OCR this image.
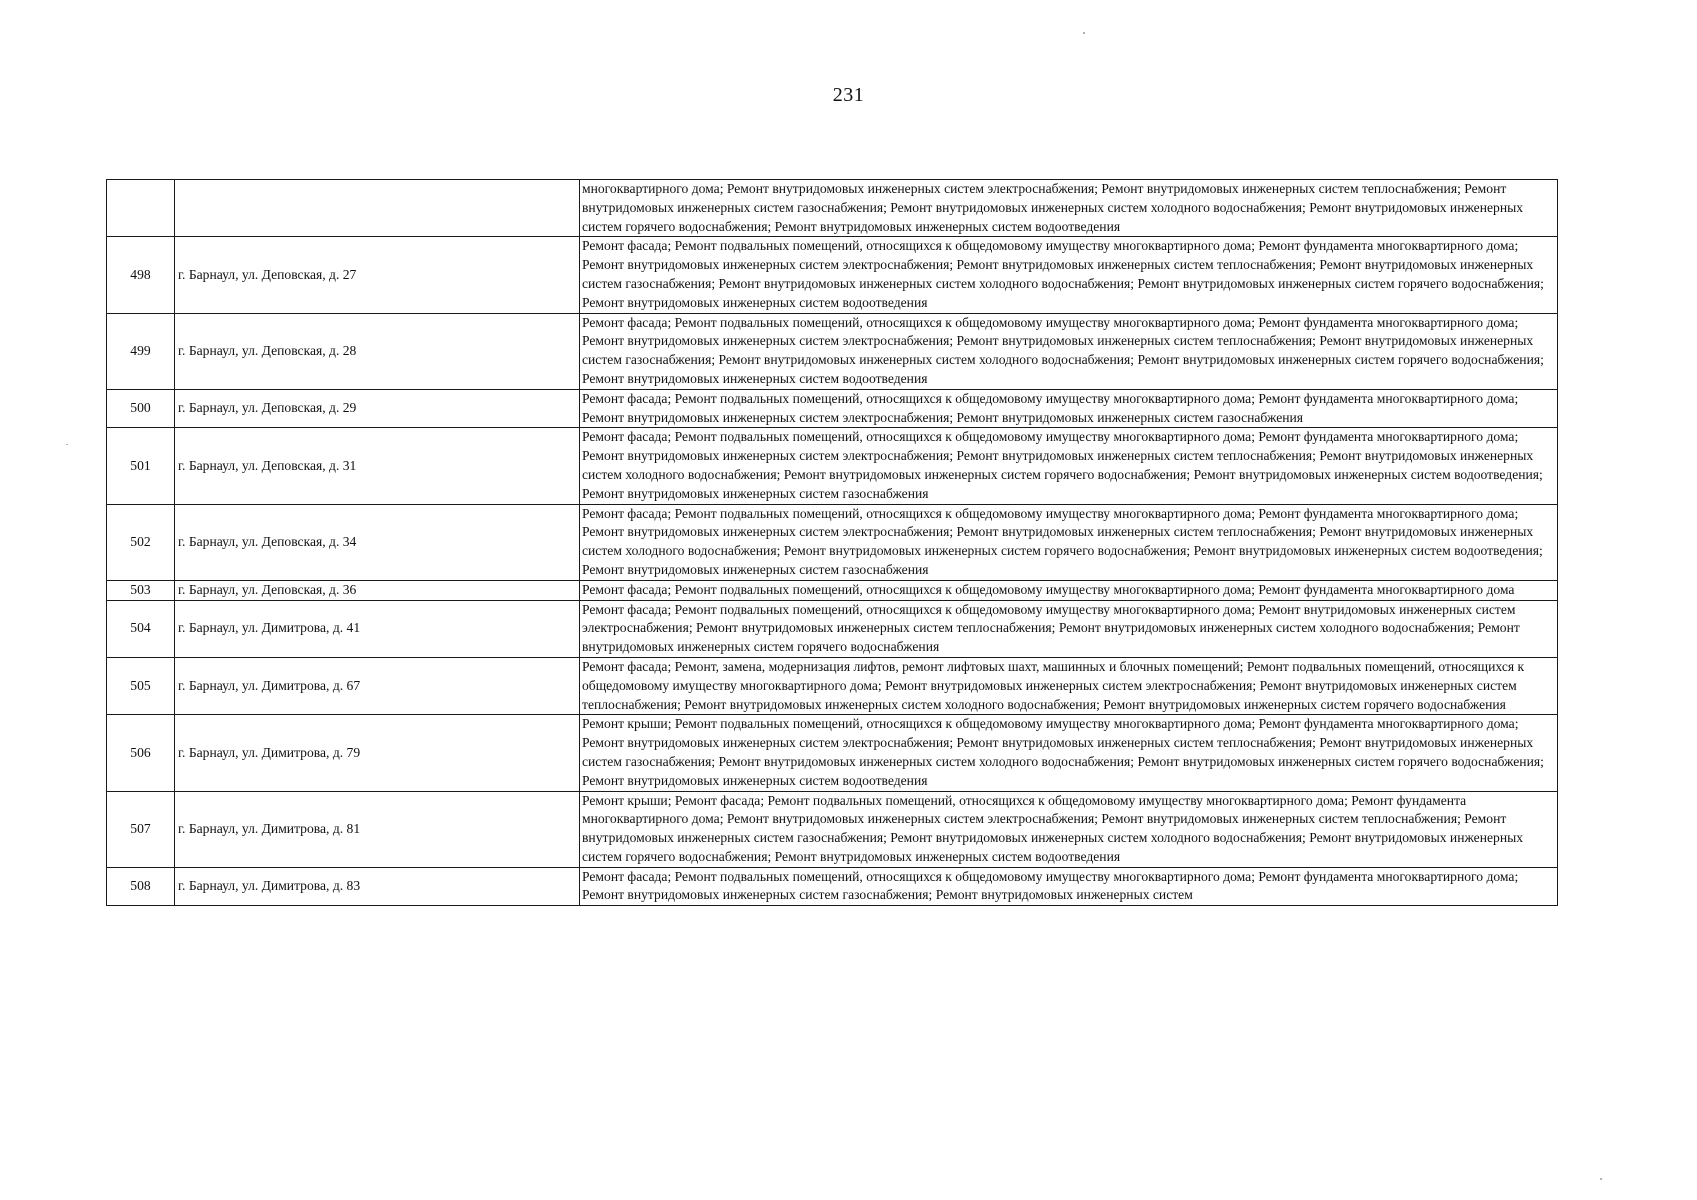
231
		многоквартирного дома; Ремонт внутридомовых инженерных систем электроснабжения; Ремонт внутридомовых инженерных систем теплоснабжения; Ремонт внутридомовых инженерных систем газоснабжения; Ремонт внутридомовых инженерных систем холодного водоснабжения; Ремонт внутридомовых инженерных систем горячего водоснабжения; Ремонт внутридомовых инженерных систем водоотведения
498	г. Барнаул, ул. Деповская, д. 27	Ремонт фасада; Ремонт подвальных помещений, относящихся к общедомовому имуществу многоквартирного дома; Ремонт фундамента многоквартирного дома; Ремонт внутридомовых инженерных систем электроснабжения; Ремонт внутридомовых инженерных систем теплоснабжения; Ремонт внутридомовых инженерных систем газоснабжения; Ремонт внутридомовых инженерных систем холодного водоснабжения; Ремонт внутридомовых инженерных систем горячего водоснабжения; Ремонт внутридомовых инженерных систем водоотведения
499	г. Барнаул, ул. Деповская, д. 28	Ремонт фасада; Ремонт подвальных помещений, относящихся к общедомовому имуществу многоквартирного дома; Ремонт фундамента многоквартирного дома; Ремонт внутридомовых инженерных систем электроснабжения; Ремонт внутридомовых инженерных систем теплоснабжения; Ремонт внутридомовых инженерных систем газоснабжения; Ремонт внутридомовых инженерных систем холодного водоснабжения; Ремонт внутридомовых инженерных систем горячего водоснабжения; Ремонт внутридомовых инженерных систем водоотведения
500	г. Барнаул, ул. Деповская, д. 29	Ремонт фасада; Ремонт подвальных помещений, относящихся к общедомовому имуществу многоквартирного дома; Ремонт фундамента многоквартирного дома; Ремонт внутридомовых инженерных систем электроснабжения; Ремонт внутридомовых инженерных систем газоснабжения
501	г. Барнаул, ул. Деповская, д. 31	Ремонт фасада; Ремонт подвальных помещений, относящихся к общедомовому имуществу многоквартирного дома; Ремонт фундамента многоквартирного дома; Ремонт внутридомовых инженерных систем электроснабжения; Ремонт внутридомовых инженерных систем теплоснабжения; Ремонт внутридомовых инженерных систем холодного водоснабжения; Ремонт внутридомовых инженерных систем горячего водоснабжения; Ремонт внутридомовых инженерных систем водоотведения; Ремонт внутридомовых инженерных систем газоснабжения
502	г. Барнаул, ул. Деповская, д. 34	Ремонт фасада; Ремонт подвальных помещений, относящихся к общедомовому имуществу многоквартирного дома; Ремонт фундамента многоквартирного дома; Ремонт внутридомовых инженерных систем электроснабжения; Ремонт внутридомовых инженерных систем теплоснабжения; Ремонт внутридомовых инженерных систем холодного водоснабжения; Ремонт внутридомовых инженерных систем горячего водоснабжения; Ремонт внутридомовых инженерных систем водоотведения; Ремонт внутридомовых инженерных систем газоснабжения
503	г. Барнаул, ул. Деповская, д. 36	Ремонт фасада; Ремонт подвальных помещений, относящихся к общедомовому имуществу многоквартирного дома; Ремонт фундамента многоквартирного дома
504	г. Барнаул, ул. Димитрова, д. 41	Ремонт фасада; Ремонт подвальных помещений, относящихся к общедомовому имуществу многоквартирного дома; Ремонт внутридомовых инженерных систем электроснабжения; Ремонт внутридомовых инженерных систем теплоснабжения; Ремонт внутридомовых инженерных систем холодного водоснабжения; Ремонт внутридомовых инженерных систем горячего водоснабжения
505	г. Барнаул, ул. Димитрова, д. 67	Ремонт фасада; Ремонт, замена, модернизация лифтов, ремонт лифтовых шахт, машинных и блочных помещений; Ремонт подвальных помещений, относящихся к общедомовому имуществу многоквартирного дома; Ремонт внутридомовых инженерных систем электроснабжения; Ремонт внутридомовых инженерных систем теплоснабжения; Ремонт внутридомовых инженерных систем холодного водоснабжения; Ремонт внутридомовых инженерных систем горячего водоснабжения
506	г. Барнаул, ул. Димитрова, д. 79	Ремонт крыши; Ремонт подвальных помещений, относящихся к общедомовому имуществу многоквартирного дома; Ремонт фундамента многоквартирного дома; Ремонт внутридомовых инженерных систем электроснабжения; Ремонт внутридомовых инженерных систем теплоснабжения; Ремонт внутридомовых инженерных систем газоснабжения; Ремонт внутридомовых инженерных систем холодного водоснабжения; Ремонт внутридомовых инженерных систем горячего водоснабжения; Ремонт внутридомовых инженерных систем водоотведения
507	г. Барнаул, ул. Димитрова, д. 81	Ремонт крыши; Ремонт фасада; Ремонт подвальных помещений, относящихся к общедомовому имуществу многоквартирного дома; Ремонт фундамента многоквартирного дома; Ремонт внутридомовых инженерных систем электроснабжения; Ремонт внутридомовых инженерных систем теплоснабжения; Ремонт внутридомовых инженерных систем газоснабжения; Ремонт внутридомовых инженерных систем холодного водоснабжения; Ремонт внутридомовых инженерных систем горячего водоснабжения; Ремонт внутридомовых инженерных систем водоотведения
508	г. Барнаул, ул. Димитрова, д. 83	Ремонт фасада; Ремонт подвальных помещений, относящихся к общедомовому имуществу многоквартирного дома; Ремонт фундамента многоквартирного дома; Ремонт внутридомовых инженерных систем газоснабжения; Ремонт внутридомовых инженерных систем
